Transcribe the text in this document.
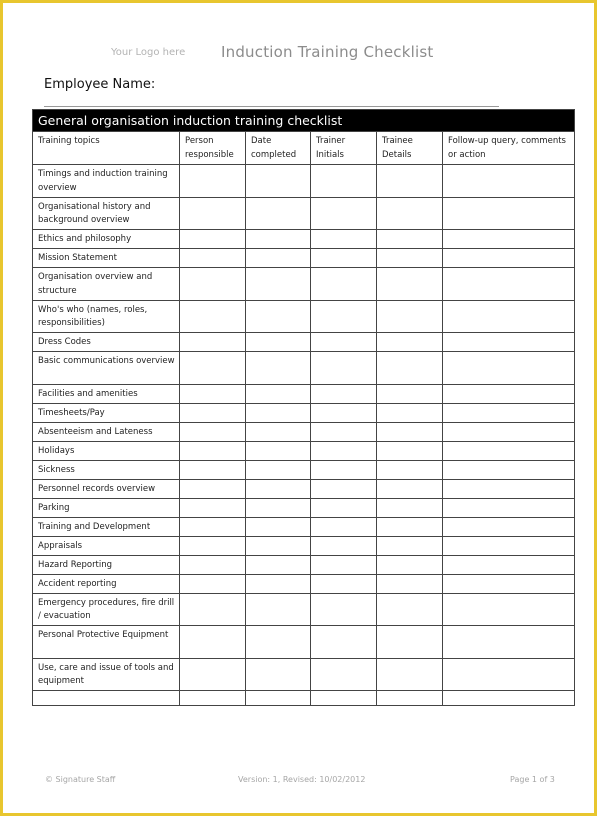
Your Logo here Induction Training Checklist
Employee Name:
General organisation induction training checklist					
Training topics	Person responsible	Date completed	Trainer Initials	Trainee Details	Follow-up query, comments or action
Timings and induction training overview					
Organisational history and background overview					
Ethics and philosophy					
Mission Statement					
Organisation overview and structure					
Who's who (names, roles, responsibilities)					
Dress Codes					
Basic communications overview					
Facilities and amenities					
Timesheets/Pay					
Absenteeism and Lateness					
Holidays					
Sickness					
Personnel records overview					
Parking					
Training and Development					
Appraisals					
Hazard Reporting					
Accident reporting					
Emergency procedures, fire drill / evacuation					
Personal Protective Equipment					
Use, care and issue of tools and equipment					

© Signature Staff	Version: 1, Revised: 10/02/2012	Page 1 of 3
